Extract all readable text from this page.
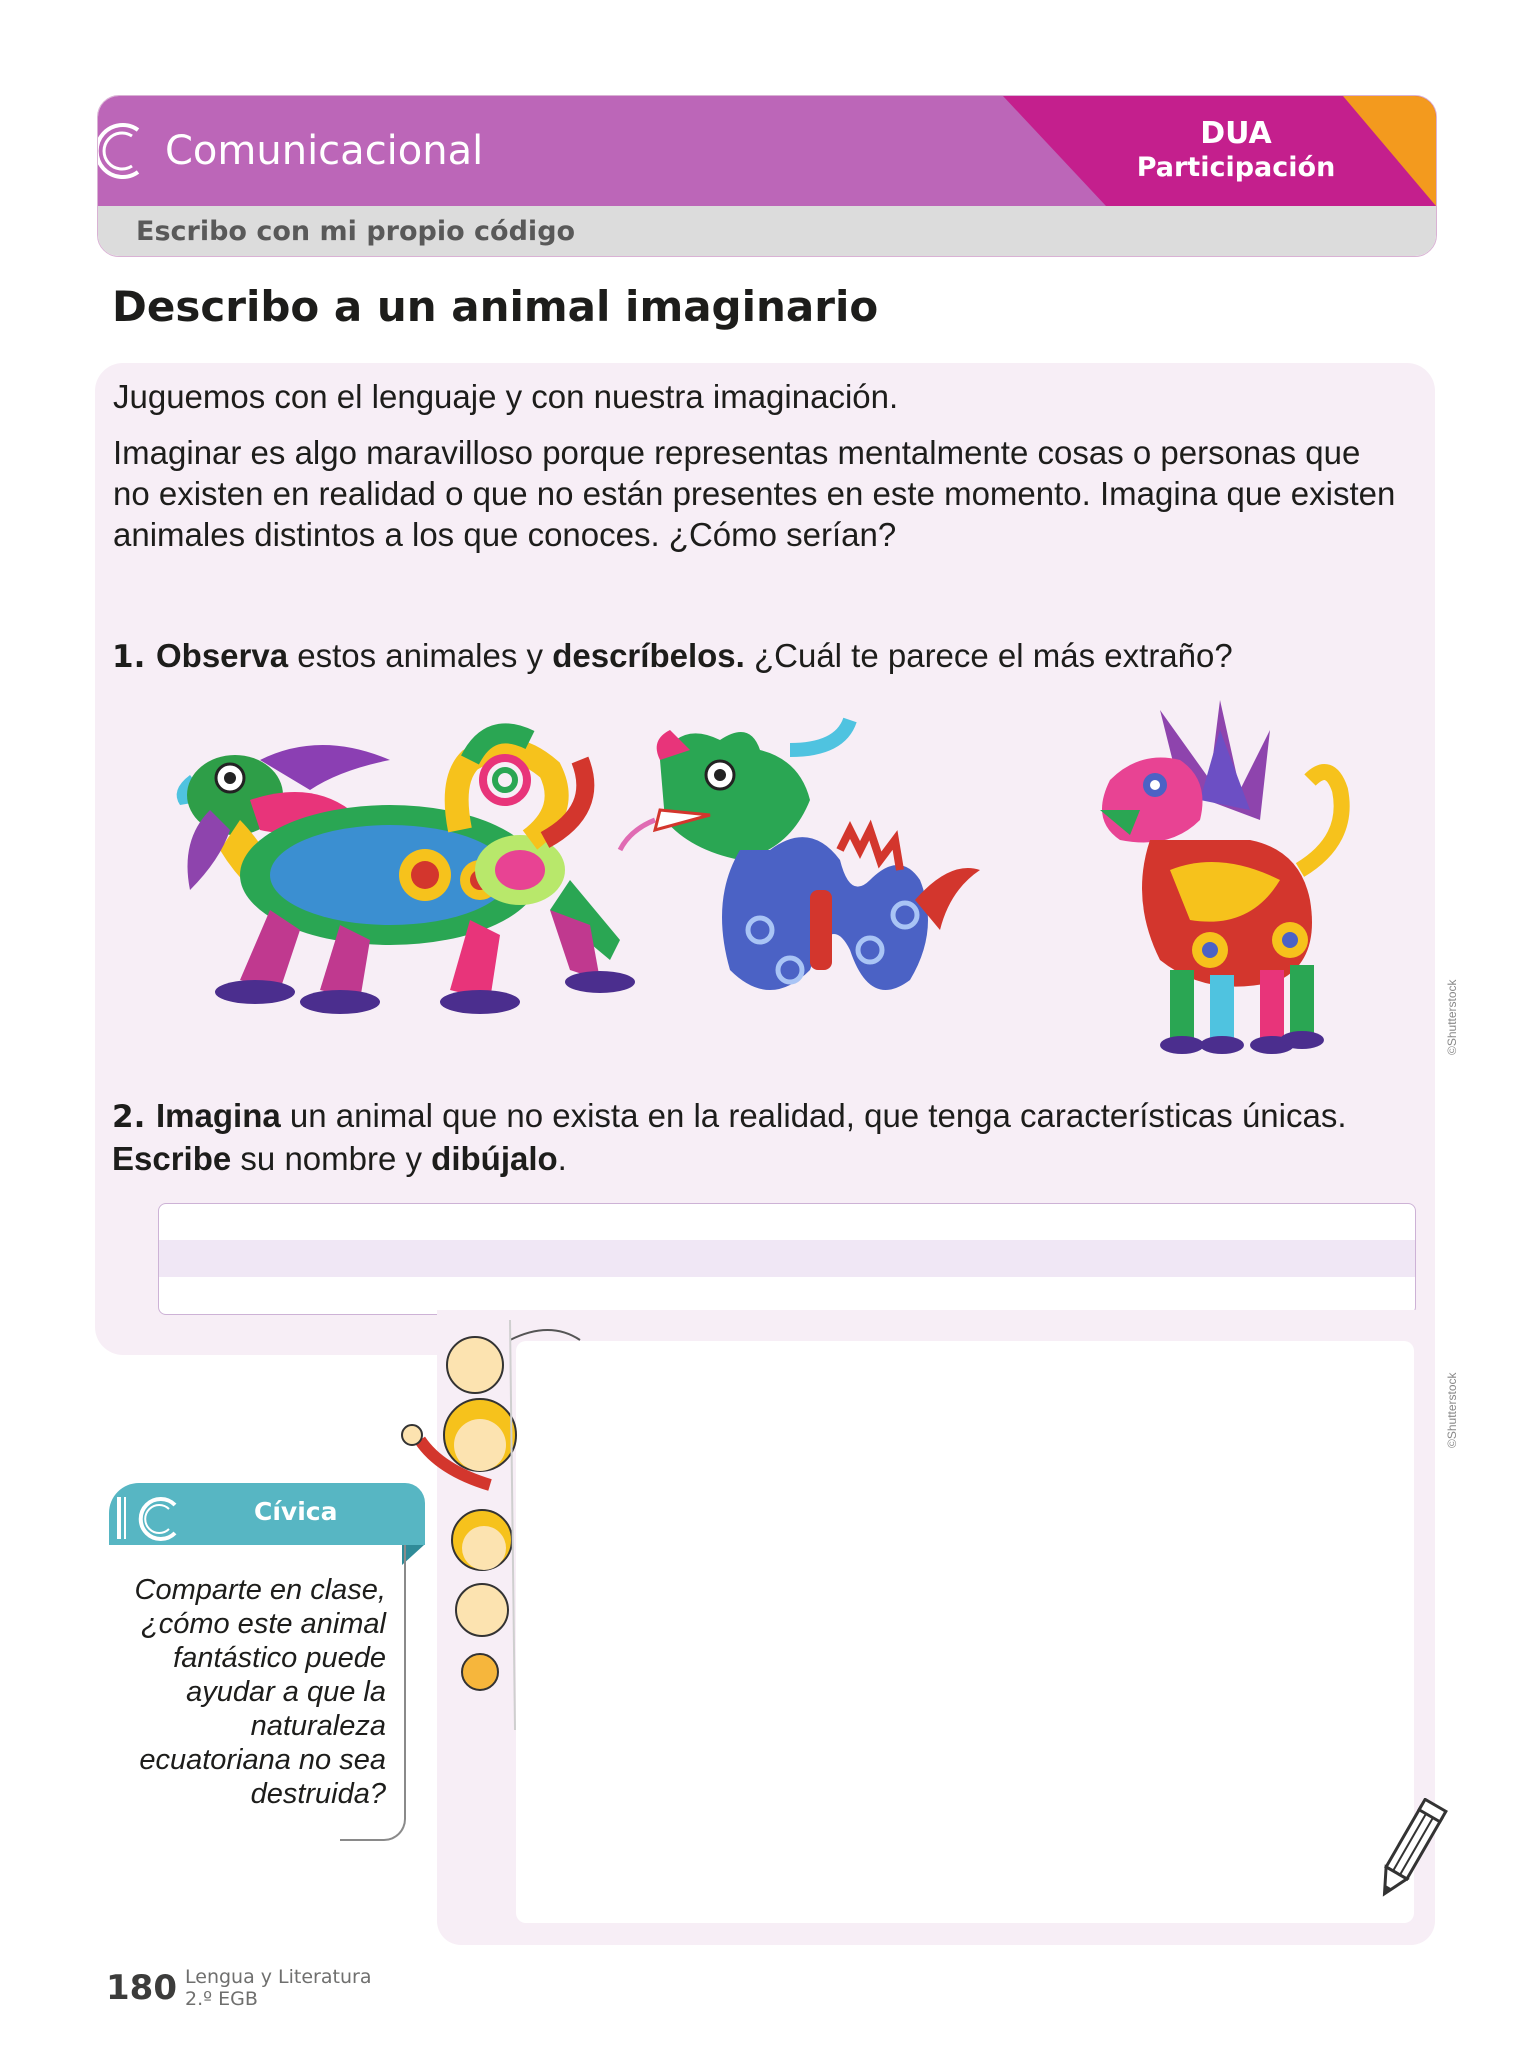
Comunicacional	DUA
Participación
Escribo con mi propio código
Describo a un animal imaginario
Juguemos con el lenguaje y con nuestra imaginación.
Imaginar es algo maravilloso porque representas mentalmente cosas o personas que no existen en realidad o que no están presentes en este momento. Imagina que existen animales distintos a los que conoces. ¿Cómo serían?
1. Observa estos animales y descríbelos. ¿Cuál te parece el más extraño?
2. Imagina un animal que no exista en la realidad, que tenga características únicas. Escribe su nombre y dibújalo.
Cívica
Comparte en clase, ¿cómo este animal fantástico puede ayudar a que la naturaleza ecuatoriana no sea destruida?
©Shutterstock
©Shutterstock
180 Lengua y Literatura
2.º EGB
